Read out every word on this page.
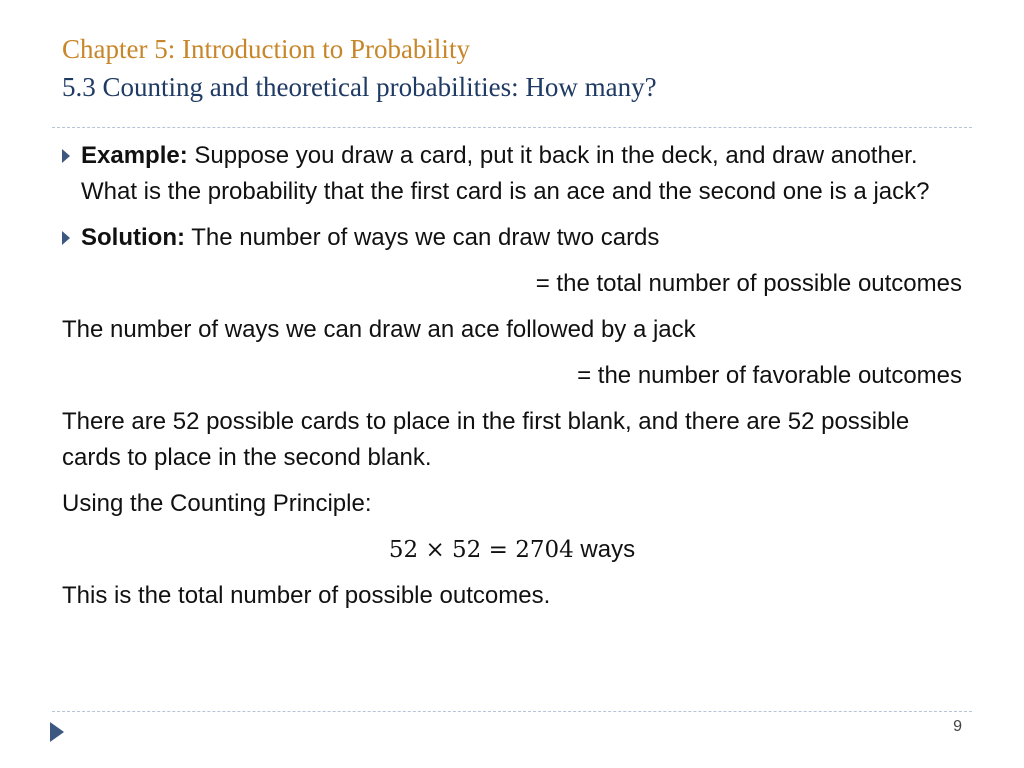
Chapter 5: Introduction to Probability
5.3 Counting and theoretical probabilities: How many?
Example: Suppose you draw a card, put it back in the deck, and draw another. What is the probability that the first card is an ace and the second one is a jack?
Solution: The number of ways we can draw two cards
= the total number of possible outcomes
The number of ways we can draw an ace followed by a jack
= the number of favorable outcomes
There are 52 possible cards to place in the first blank, and there are 52 possible cards to place in the second blank.
Using the Counting Principle:
52 × 52 = 2704 ways
This is the total number of possible outcomes.
9
